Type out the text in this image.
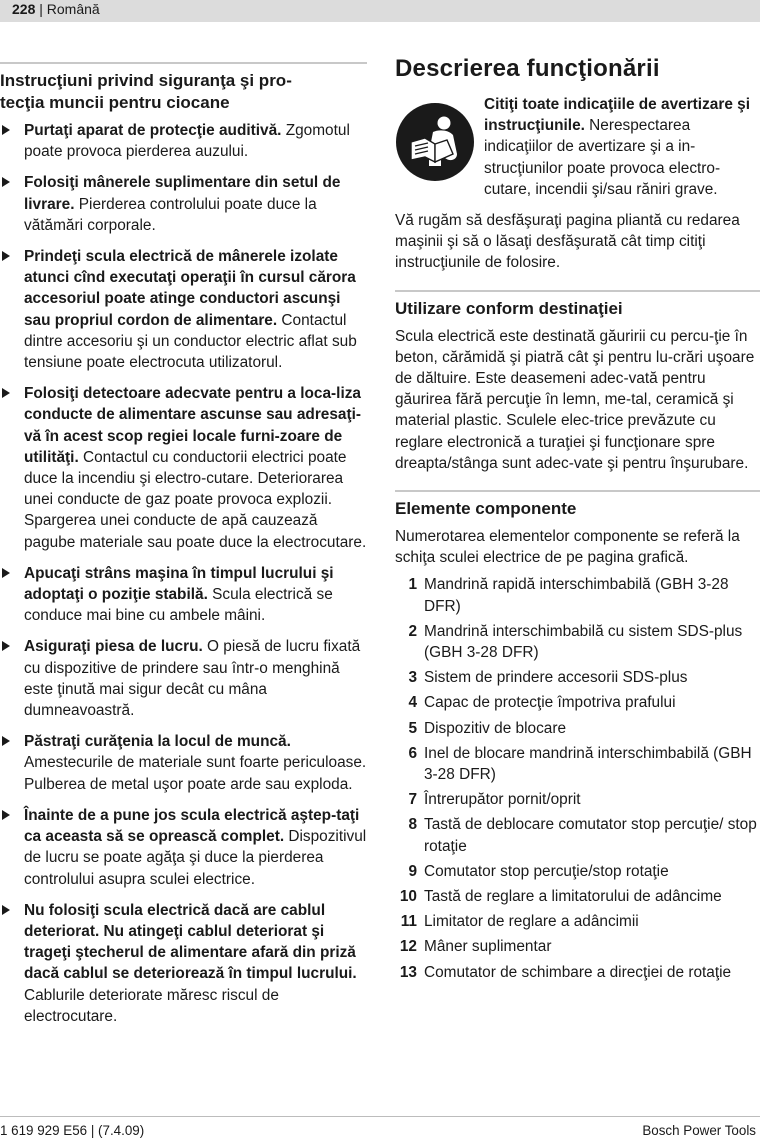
228 | Română
Instrucţiuni privind siguranţa şi pro-
tecţia muncii pentru ciocane
Purtaţi aparat de protecţie auditivă. Zgomotul poate provoca pierderea auzului.
Folosiţi mânerele suplimentare din setul de livrare. Pierderea controlului poate duce la vătămări corporale.
Prindeţi scula electrică de mânerele izolate atunci cînd executaţi operaţii în cursul cărora accesoriul poate atinge conductori ascunşi sau propriul cordon de alimentare. Contactul dintre accesoriu şi un conductor electric aflat sub tensiune poate electrocuta utilizatorul.
Folosiţi detectoare adecvate pentru a loca-liza conducte de alimentare ascunse sau adresaţi-vă în acest scop regiei locale furni-zoare de utilităţi. Contactul cu conductorii electrici poate duce la incendiu şi electro-cutare. Deteriorarea unei conducte de gaz poate provoca explozii. Spargerea unei conducte de apă cauzează pagube materiale sau poate duce la electrocutare.
Apucaţi strâns maşina în timpul lucrului şi adoptaţi o poziţie stabilă. Scula electrică se conduce mai bine cu ambele mâini.
Asiguraţi piesa de lucru. O piesă de lucru fixată cu dispozitive de prindere sau într-o menghină este ţinută mai sigur decât cu mâna dumneavoastră.
Păstraţi curăţenia la locul de muncă. Amestecurile de materiale sunt foarte periculoase. Pulberea de metal uşor poate arde sau exploda.
Înainte de a pune jos scula electrică aştep-taţi ca aceasta să se oprească complet. Dispozitivul de lucru se poate agăţa şi duce la pierderea controlului asupra sculei electrice.
Nu folosiţi scula electrică dacă are cablul deteriorat. Nu atingeţi cablul deteriorat şi trageţi ştecherul de alimentare afară din priză dacă cablul se deteriorează în timpul lucrului. Cablurile deteriorate măresc riscul de electrocutare.
Descrierea funcţionării
Citiţi toate indicaţiile de avertizare şi instrucţiunile. Nerespectarea indicaţiilor de avertizare şi a in-strucţiunilor poate provoca electro-cutare, incendii şi/sau răniri grave.

Vă rugăm să desfăşuraţi pagina pliantă cu redarea maşinii şi să o lăsaţi desfăşurată cât timp citiţi instrucţiunile de folosire.

Utilizare conform destinaţiei

Scula electrică este destinată găuririi cu percu-ţie în beton, cărămidă şi piatră cât şi pentru lu-crări uşoare de dăltuire. Este deasemeni adec-vată pentru găurirea fără percuţie în lemn, me-tal, ceramică şi material plastic. Sculele elec-trice prevăzute cu reglare electronică a turaţiei şi funcţionare spre dreapta/stânga sunt adec-vate şi pentru înşurubare.

Elemente componente

Numerotarea elementelor componente se referă la schiţa sculei electrice de pe pagina grafică.

1 Mandrină rapidă interschimbabilă (GBH 3-28 DFR)
2 Mandrină interschimbabilă cu sistem SDS-plus (GBH 3-28 DFR)
3 Sistem de prindere accesorii SDS-plus
4 Capac de protecţie împotriva prafului
5 Dispozitiv de blocare
6 Inel de blocare mandrină interschimbabilă (GBH 3-28 DFR)
7 Întrerupător pornit/oprit
8 Tastă de deblocare comutator stop percuţie/ stop rotaţie
9 Comutator stop percuţie/stop rotaţie
10 Tastă de reglare a limitatorului de adâncime
11 Limitator de reglare a adâncimii
12 Mâner suplimentar
13 Comutator de schimbare a direcţiei de rotaţie
1 619 929 E56 | (7.4.09)	Bosch Power Tools
